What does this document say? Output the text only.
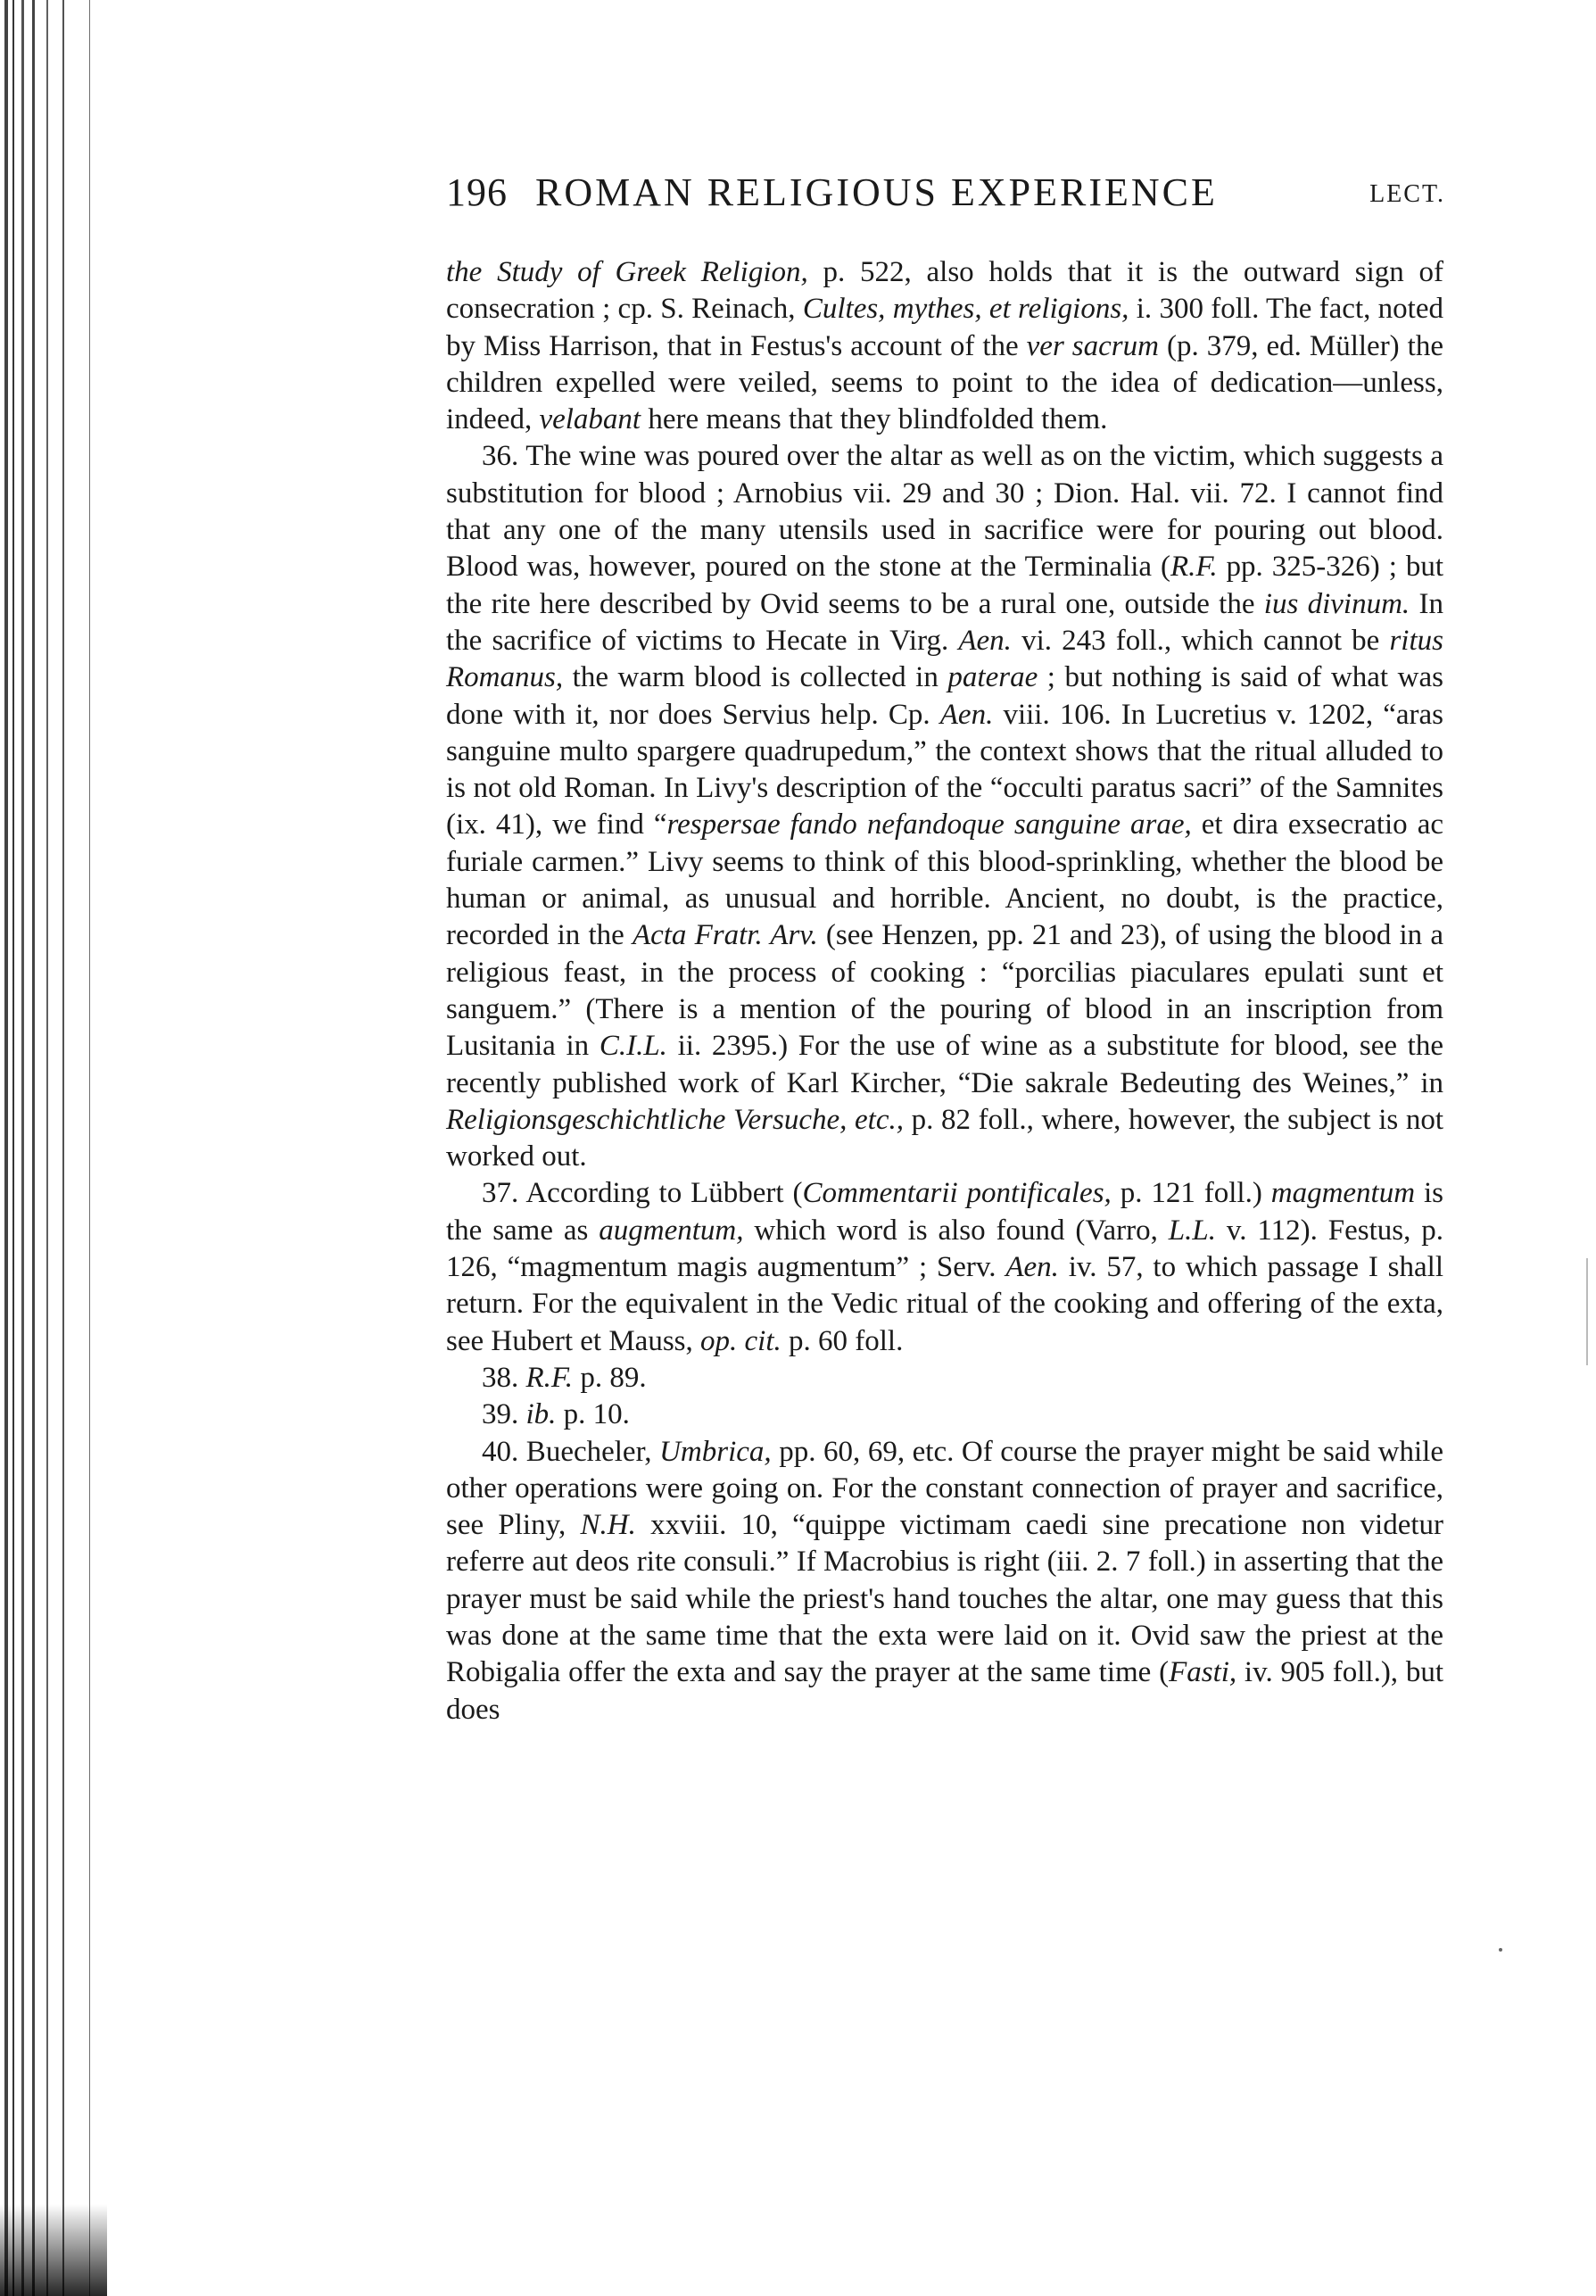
196 ROMAN RELIGIOUS EXPERIENCE	LECT.

the Study of Greek Religion, p. 522, also holds that it is the outward sign of consecration ; cp. S. Reinach, Cultes, mythes, et religions, i. 300 foll. The fact, noted by Miss Harrison, that in Festus's account of the ver sacrum (p. 379, ed. Müller) the children expelled were veiled, seems to point to the idea of dedication—unless, indeed, velabant here means that they blindfolded them.

36. The wine was poured over the altar as well as on the victim, which suggests a substitution for blood ; Arnobius vii. 29 and 30 ; Dion. Hal. vii. 72. I cannot find that any one of the many utensils used in sacrifice were for pouring out blood. Blood was, however, poured on the stone at the Terminalia (R.F. pp. 325-326) ; but the rite here described by Ovid seems to be a rural one, outside the ius divinum. In the sacrifice of victims to Hecate in Virg. Aen. vi. 243 foll., which cannot be ritus Romanus, the warm blood is collected in paterae ; but nothing is said of what was done with it, nor does Servius help. Cp. Aen. viii. 106. In Lucretius v. 1202, “aras sanguine multo spargere quadrupedum,” the context shows that the ritual alluded to is not old Roman. In Livy's description of the “occulti paratus sacri” of the Samnites (ix. 41), we find “respersae fando nefandoque sanguine arae, et dira exsecratio ac furiale carmen.” Livy seems to think of this blood-sprinkling, whether the blood be human or animal, as unusual and horrible. Ancient, no doubt, is the practice, recorded in the Acta Fratr. Arv. (see Henzen, pp. 21 and 23), of using the blood in a religious feast, in the process of cooking : “porcilias piaculares epulati sunt et sanguem.” (There is a mention of the pouring of blood in an inscription from Lusitania in C.I.L. ii. 2395.) For the use of wine as a substitute for blood, see the recently published work of Karl Kircher, “Die sakrale Bedeuting des Weines,” in Religionsgeschichtliche Versuche, etc., p. 82 foll., where, however, the subject is not worked out.

37. According to Lübbert (Commentarii pontificales, p. 121 foll.) magmentum is the same as augmentum, which word is also found (Varro, L.L. v. 112). Festus, p. 126, “magmentum magis augmentum” ; Serv. Aen. iv. 57, to which passage I shall return. For the equivalent in the Vedic ritual of the cooking and offering of the exta, see Hubert et Mauss, op. cit. p. 60 foll.

38. R.F. p. 89.

39. ib. p. 10.

40. Buecheler, Umbrica, pp. 60, 69, etc. Of course the prayer might be said while other operations were going on. For the constant connection of prayer and sacrifice, see Pliny, N.H. xxviii. 10, “quippe victimam caedi sine precatione non videtur referre aut deos rite consuli.” If Macrobius is right (iii. 2. 7 foll.) in asserting that the prayer must be said while the priest's hand touches the altar, one may guess that this was done at the same time that the exta were laid on it. Ovid saw the priest at the Robigalia offer the exta and say the prayer at the same time (Fasti, iv. 905 foll.), but does
